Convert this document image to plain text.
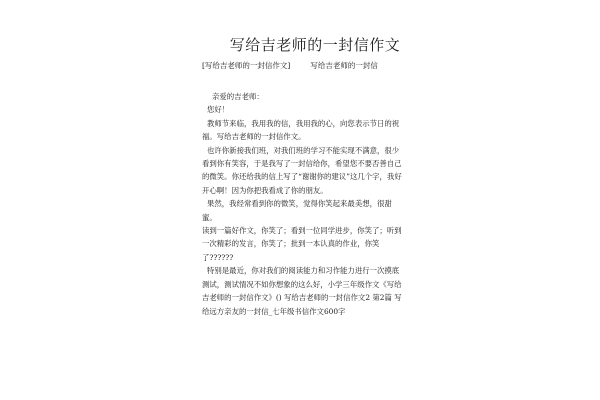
写给吉老师的一封信作文
[写给吉老师的一封信作文]	写给吉老师的一封信

亲爱的吉老师：

您好！

教师节来临，我用我的信，我用我的心，向您表示节日的祝福。写给吉老师的一封信作文。

也许你新接我们班，对我们班的学习不能实现不满意，很少看到你有笑容，于是我写了一封信给你，希望您不要否善自己的微笑。你还给我的信上写了“谢谢你的建议”这几个字，我好开心啊！因为你把我看成了你的朋友。

果然，我经常看到你的微笑，觉得你笑起来最美想，很甜蜜。

读到一篇好作文，你笑了；看到一位同学进步，你笑了；听到一次精彩的发言，你笑了；批到一本认真的作业，你笑了??????

特别是最近，你对我们的阅读能力和习作能力进行一次摸底测试，测试情况不如你想象的这么好，小学三年级作文《写给吉老师的一封信作文》() 写给吉老师的一封信作文2 第2篇 写给远方亲友的一封信_七年级书信作文600字
